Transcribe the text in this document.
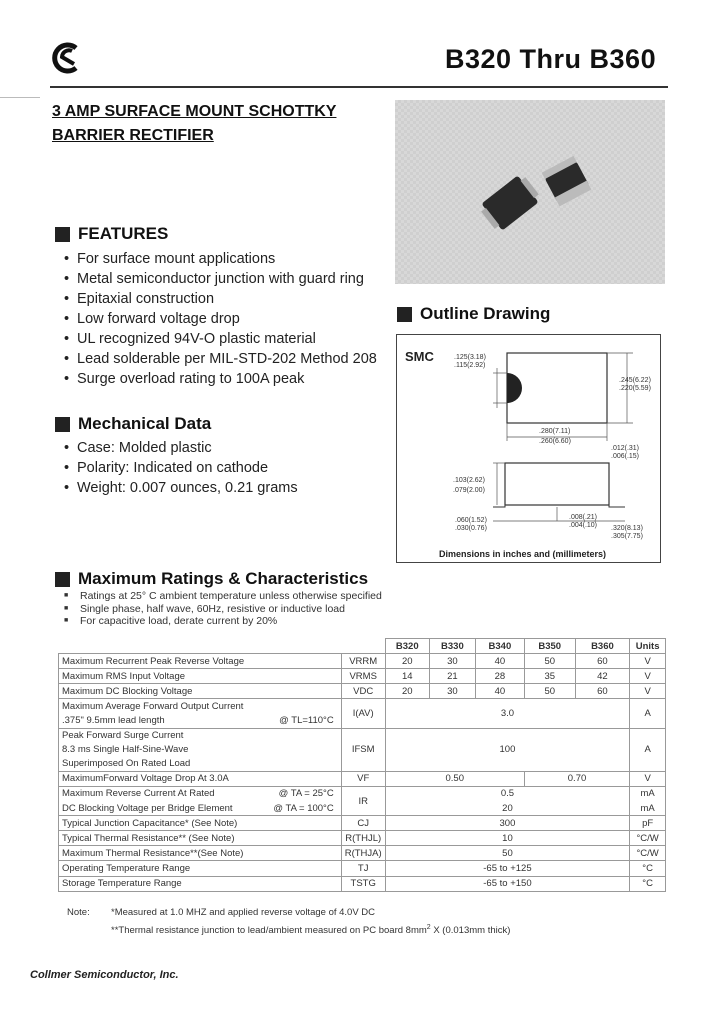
B320 Thru B360
3 AMP SURFACE MOUNT SCHOTTKY
BARRIER RECTIFIER
FEATURES
• For surface mount applications
• Metal semiconductor junction with guard ring
• Epitaxial construction
• Low forward voltage drop
• UL recognized 94V-O plastic material
• Lead solderable per MIL-STD-202 Method 208
• Surge overload rating to 100A peak
Mechanical Data
• Case: Molded plastic
• Polarity: Indicated on cathode
• Weight: 0.007 ounces, 0.21 grams
Outline Drawing
SMC	.125(3.18)
.115(2.92)
.245(6.22)
.220(5.59)
.280(7.11)
.260(6.60)
.012(.31)
.006(.15)
.103(2.62)
.079(2.00)
.060(1.52)
.030(0.76)
.008(.21)
.004(.10) .320(8.13)
.305(7.75)
Dimensions in inches and (millimeters)
Maximum Ratings & Characteristics
■ Ratings at 25° C ambient temperature unless otherwise specified
■ Single phase, half wave, 60Hz, resistive or inductive load
■ For capacitive load, derate current by 20%
		B320	B330	B340	B350	B360	Units
Maximum Recurrent Peak Reverse Voltage	VRRM	20	30	40	50	60	V
Maximum RMS Input Voltage	VRMS	14	21	28	35	42	V
Maximum DC Blocking Voltage	VDC	20	30	40	50	60	V
Maximum Average Forward Output Current	I(AV)	3.0					A
.375" 9.5mm lead length @ TL=110°C							

Peak Forward Surge Current	IFSM	100					A
8.3 ms Single Half-Sine-Wave							
Superimposed On Rated Load							
MaximumForward Voltage Drop At 3.0A	VF	0.50			0.70		V
Maximum Reverse Current At Rated @ TA = 25°C	IR	0.5					mA
DC Blocking Voltage per Bridge Element @ TA = 100°C		20					mA
Typical Junction Capacitance* (See Note)	CJ	300					pF
Typical Thermal Resistance** (See Note)	R(THJL)	10					°C/W
Maximum Thermal Resistance**(See Note)	R(THJA)	50					°C/W
Operating Temperature Range	TJ	-65 to +125					°C
Storage Temperature Range	TSTG	-65 to +150					°C
Note:	*Measured at 1.0 MHZ and applied reverse voltage of 4.0V DC
**Thermal resistance junction to lead/ambient measured on PC board $8mm^2$ X (0.013mm thick)
Collmer Semiconductor, Inc.
